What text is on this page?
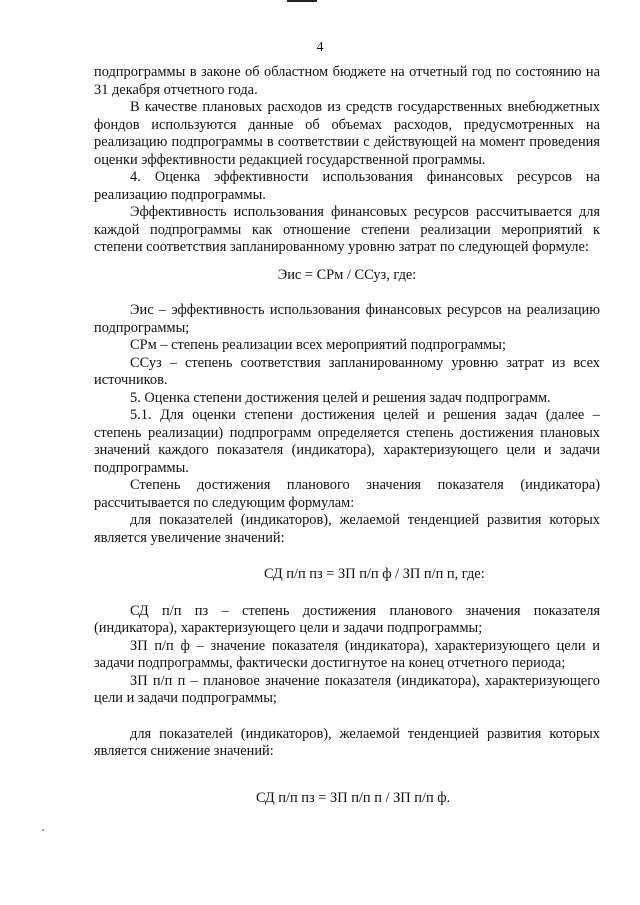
4

подпрограммы в законе об областном бюджете на отчетный год по состоянию на 31 декабря отчетного года.

В качестве плановых расходов из средств государственных внебюджетных фондов используются данные об объемах расходов, предусмотренных на реализацию подпрограммы в соответствии с действующей на момент проведения оценки эффективности редакцией государственной программы.

4. Оценка эффективности использования финансовых ресурсов на реализацию подпрограммы.

Эффективность использования финансовых ресурсов рассчитывается для каждой подпрограммы как отношение степени реализации мероприятий к степени соответствия запланированному уровню затрат по следующей формуле:

Эис = СРм / ССуз, где:

Эис – эффективность использования финансовых ресурсов на реализацию подпрограммы;

СРм – степень реализации всех мероприятий подпрограммы;

ССуз – степень соответствия запланированному уровню затрат из всех источников.

5. Оценка степени достижения целей и решения задач подпрограмм.

5.1. Для оценки степени достижения целей и решения задач (далее – степень реализации) подпрограмм определяется степень достижения плановых значений каждого показателя (индикатора), характеризующего цели и задачи подпрограммы.

Степень достижения планового значения показателя (индикатора) рассчитывается по следующим формулам:

для показателей (индикаторов), желаемой тенденцией развития которых является увеличение значений:

СД п/п пз = ЗП п/п ф / ЗП п/п п, где:

СД п/п пз – степень достижения планового значения показателя (индикатора), характеризующего цели и задачи подпрограммы;

ЗП п/п ф – значение показателя (индикатора), характеризующего цели и задачи подпрограммы, фактически достигнутое на конец отчетного периода;

ЗП п/п п – плановое значение показателя (индикатора), характеризующего цели и задачи подпрограммы;

для показателей (индикаторов), желаемой тенденцией развития которых является снижение значений:

СД п/п пз = ЗП п/п п / ЗП п/п ф.
